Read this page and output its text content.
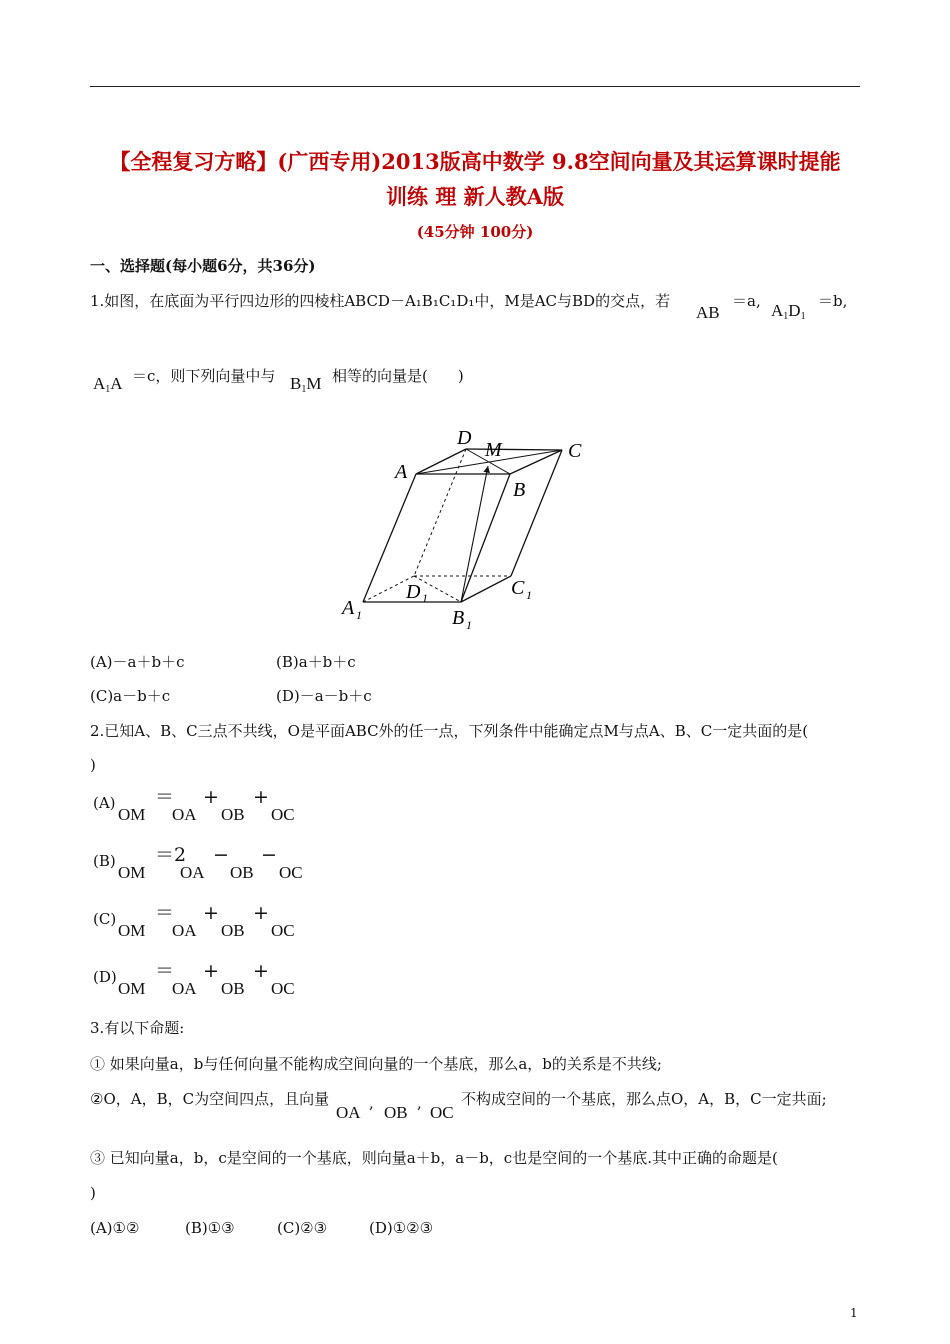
【全程复习方略】(广西专用)2013版高中数学 9.8空间向量及其运算课时提能
训练 理 新人教A版
(45分钟 100分)
一、选择题(每小题6分，共36分)
1.如图，在底面为平行四边形的四棱柱ABCD－A₁B₁C₁D₁中，M是AC与BD的交点，若
AB
＝a, $A_1D_1$
＝b,
$A_1A =c$，则下列向量中与 $B_1M$ 相等的向量是(　　)
D
M	C
A
B
D 1	C 1
A 1	B 1
(A)－a＋b＋c	(B)a＋b＋c
(C)a－b＋c	(D)－a－b＋c
2.已知A、B、C三点不共线，O是平面ABC外的任一点，下列条件中能确定点M与点A、B、C一定共面的是(
)
(A)
OM
＝
OA
+
OB
+
OC
(B)
OM
＝2
OA
−
OB
−
OC
(C)
OM
＝
OA
+
OB
+
OC
(D)
OM
＝
OA
+
OB
+
OC
3.有以下命题:
① 如果向量a，b与任何向量不能构成空间向量的一个基底，那么a，b的关系是不共线;
②O，A，B，C为空间四点，且向量
OA , OB , OC
不构成空间的一个基底，那么点O，A，B，C一定共面;
③ 已知向量a，b，c是空间的一个基底，则向量a＋b，a－b，c也是空间的一个基底.其中正确的命题是(
)
(A)①②	(B)①③	(C)②③	(D)①②③
1
